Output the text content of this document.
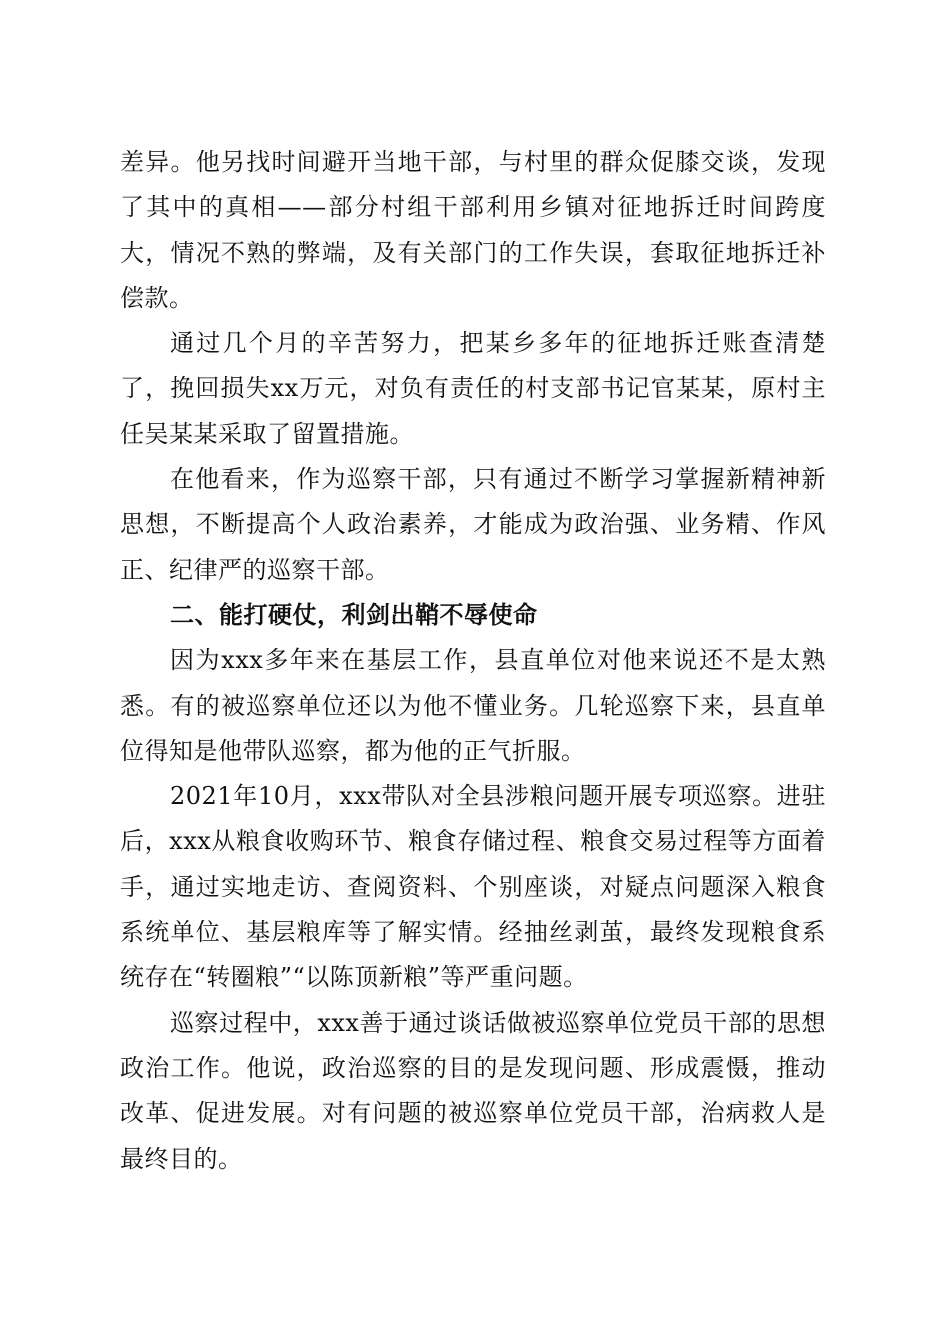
差异。他另找时间避开当地干部，与村里的群众促膝交谈，发现了其中的真相——部分村组干部利用乡镇对征地拆迁时间跨度大，情况不熟的弊端，及有关部门的工作失误，套取征地拆迁补偿款。

通过几个月的辛苦努力，把某乡多年的征地拆迁账查清楚了，挽回损失xx万元，对负有责任的村支部书记官某某，原村主任吴某某采取了留置措施。

在他看来，作为巡察干部，只有通过不断学习掌握新精神新思想，不断提高个人政治素养，才能成为政治强、业务精、作风正、纪律严的巡察干部。

二、能打硬仗，利剑出鞘不辱使命

因为xxx多年来在基层工作，县直单位对他来说还不是太熟悉。有的被巡察单位还以为他不懂业务。几轮巡察下来，县直单位得知是他带队巡察，都为他的正气折服。

2021年10月，xxx带队对全县涉粮问题开展专项巡察。进驻后，xxx从粮食收购环节、粮食存储过程、粮食交易过程等方面着手，通过实地走访、查阅资料、个别座谈，对疑点问题深入粮食系统单位、基层粮库等了解实情。经抽丝剥茧，最终发现粮食系统存在“转圈粮”“以陈顶新粮”等严重问题。

巡察过程中，xxx善于通过谈话做被巡察单位党员干部的思想政治工作。他说，政治巡察的目的是发现问题、形成震慑，推动改革、促进发展。对有问题的被巡察单位党员干部，治病救人是最终目的。
